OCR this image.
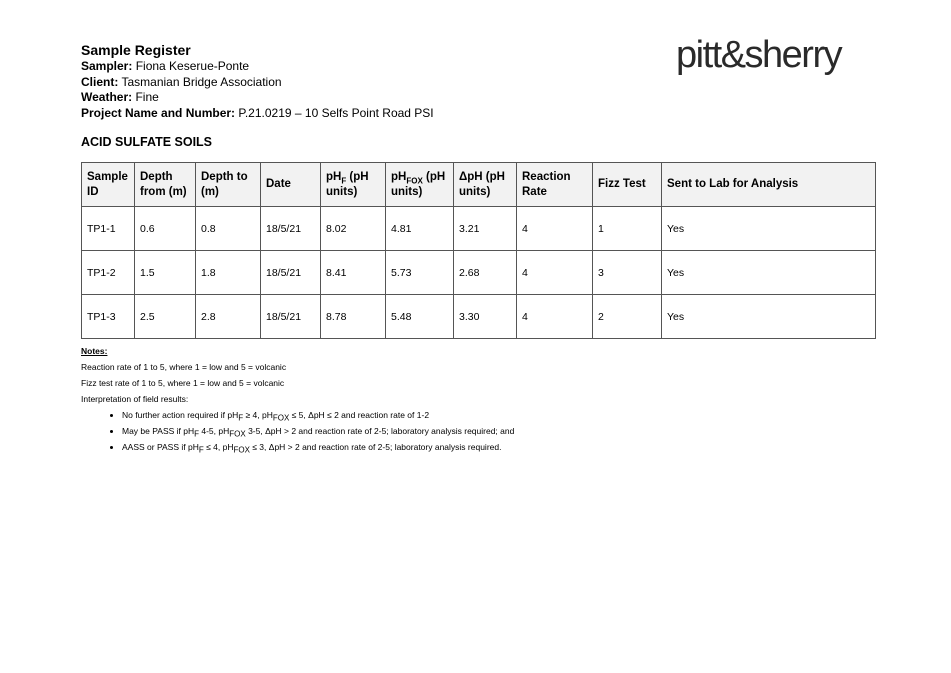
Sample Register
Sampler: Fiona Keserue-Ponte
Client: Tasmanian Bridge Association
Weather: Fine
Project Name and Number: P.21.0219 – 10 Selfs Point Road PSI
pitt&sherry
ACID SULFATE SOILS
Sample ID	Depth from (m)	Depth to (m)	Date	$pH_F$ (pH units)	$pH_{FOX}$ (pH units)	ΔpH (pH units)	Reaction Rate	Fizz Test	Sent to Lab for Analysis
TP1-1	0.6	0.8	18/5/21	8.02	4.81	3.21	4	1	Yes
TP1-2	1.5	1.8	18/5/21	8.41	5.73	2.68	4	3	Yes
TP1-3	2.5	2.8	18/5/21	8.78	5.48	3.30	4	2	Yes
Notes:
Reaction rate of 1 to 5, where 1 = low and 5 = volcanic
Fizz test rate of 1 to 5, where 1 = low and 5 = volcanic
Interpretation of field results:
• No further action required if $pH_F \ge 4$, $pH_{FOX} \le 5$, ΔpH ≤ 2 and reaction rate of 1-2
• May be PASS if $pH_F$ 4-5, $pH_{FOX}$ 3-5, ΔpH > 2 and reaction rate of 2-5; laboratory analysis required; and
• AASS or PASS if $pH_F \le 4$, $pH_{FOX} \le 3$, ΔpH > 2 and reaction rate of 2-5; laboratory analysis required.
